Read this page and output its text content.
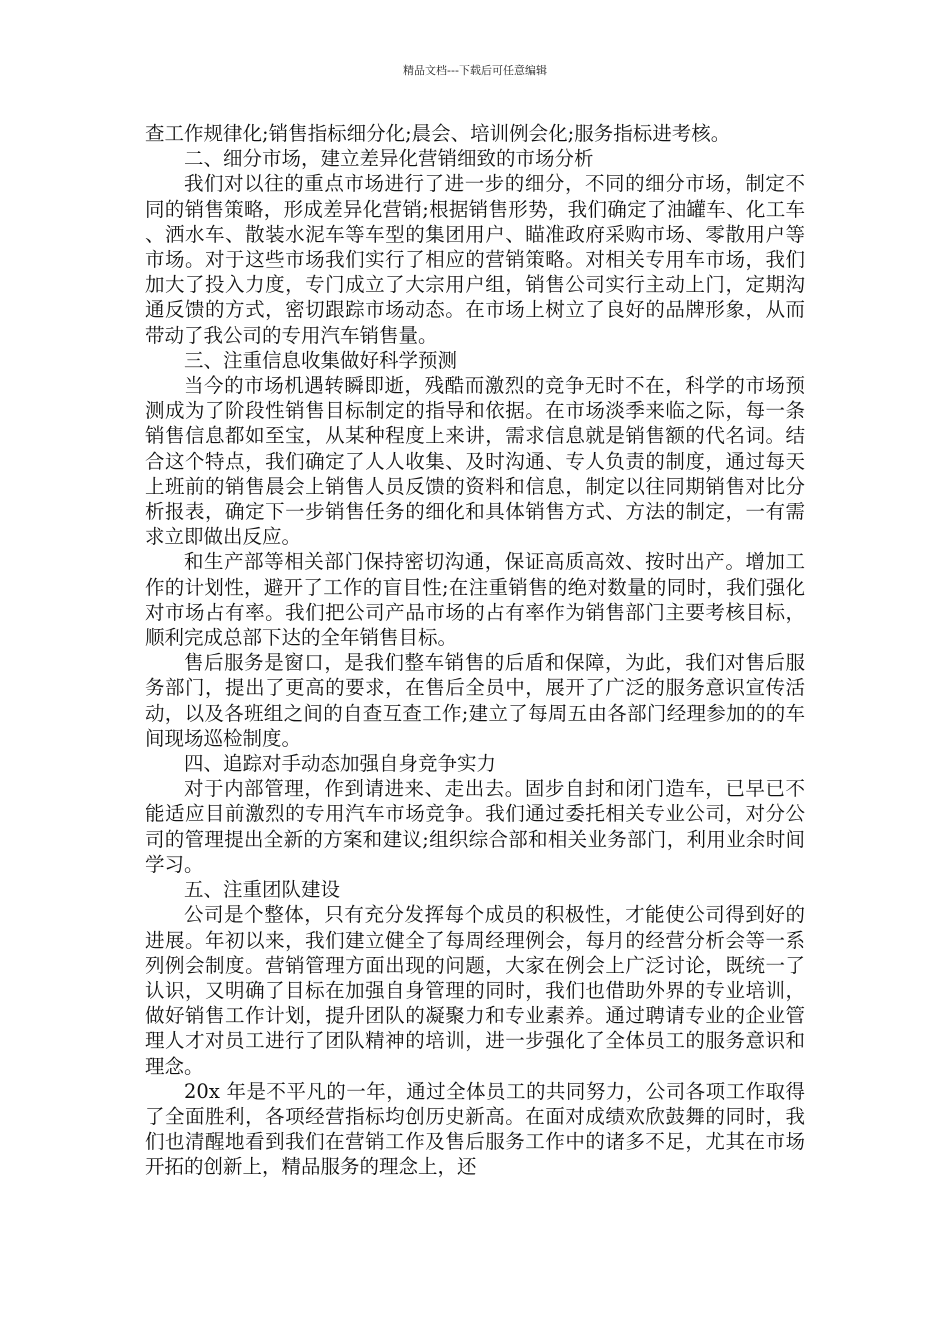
精品文档---下载后可任意编辑

查工作规律化;销售指标细分化;晨会、培训例会化;服务指标进考核。

二、细分市场，建立差异化营销细致的市场分析

我们对以往的重点市场进行了进一步的细分，不同的细分市场，制定不同的销售策略，形成差异化营销;根据销售形势，我们确定了油罐车、化工车、洒水车、散装水泥车等车型的集团用户、瞄准政府采购市场、零散用户等市场。对于这些市场我们实行了相应的营销策略。对相关专用车市场，我们加大了投入力度，专门成立了大宗用户组，销售公司实行主动上门，定期沟通反馈的方式，密切跟踪市场动态。在市场上树立了良好的品牌形象，从而带动了我公司的专用汽车销售量。

三、注重信息收集做好科学预测

当今的市场机遇转瞬即逝，残酷而激烈的竞争无时不在，科学的市场预测成为了阶段性销售目标制定的指导和依据。在市场淡季来临之际，每一条销售信息都如至宝，从某种程度上来讲，需求信息就是销售额的代名词。结合这个特点，我们确定了人人收集、及时沟通、专人负责的制度，通过每天上班前的销售晨会上销售人员反馈的资料和信息，制定以往同期销售对比分析报表，确定下一步销售任务的细化和具体销售方式、方法的制定，一有需求立即做出反应。

和生产部等相关部门保持密切沟通，保证高质高效、按时出产。增加工作的计划性，避开了工作的盲目性;在注重销售的绝对数量的同时，我们强化对市场占有率。我们把公司产品市场的占有率作为销售部门主要考核目标，顺利完成总部下达的全年销售目标。

售后服务是窗口，是我们整车销售的后盾和保障，为此，我们对售后服务部门，提出了更高的要求，在售后全员中，展开了广泛的服务意识宣传活动，以及各班组之间的自查互查工作;建立了每周五由各部门经理参加的的车间现场巡检制度。

四、追踪对手动态加强自身竞争实力

对于内部管理，作到请进来、走出去。固步自封和闭门造车，已早已不能适应目前激烈的专用汽车市场竞争。我们通过委托相关专业公司，对分公司的管理提出全新的方案和建议;组织综合部和相关业务部门，利用业余时间学习。

五、注重团队建设

公司是个整体，只有充分发挥每个成员的积极性，才能使公司得到好的进展。年初以来，我们建立健全了每周经理例会，每月的经营分析会等一系列例会制度。营销管理方面出现的问题，大家在例会上广泛讨论，既统一了认识，又明确了目标在加强自身管理的同时，我们也借助外界的专业培训，做好销售工作计划，提升团队的凝聚力和专业素养。通过聘请专业的企业管理人才对员工进行了团队精神的培训，进一步强化了全体员工的服务意识和理念。

20x 年是不平凡的一年，通过全体员工的共同努力，公司各项工作取得了全面胜利，各项经营指标均创历史新高。在面对成绩欢欣鼓舞的同时，我们也清醒地看到我们在营销工作及售后服务工作中的诸多不足，尤其在市场开拓的创新上，精品服务的理念上，还
